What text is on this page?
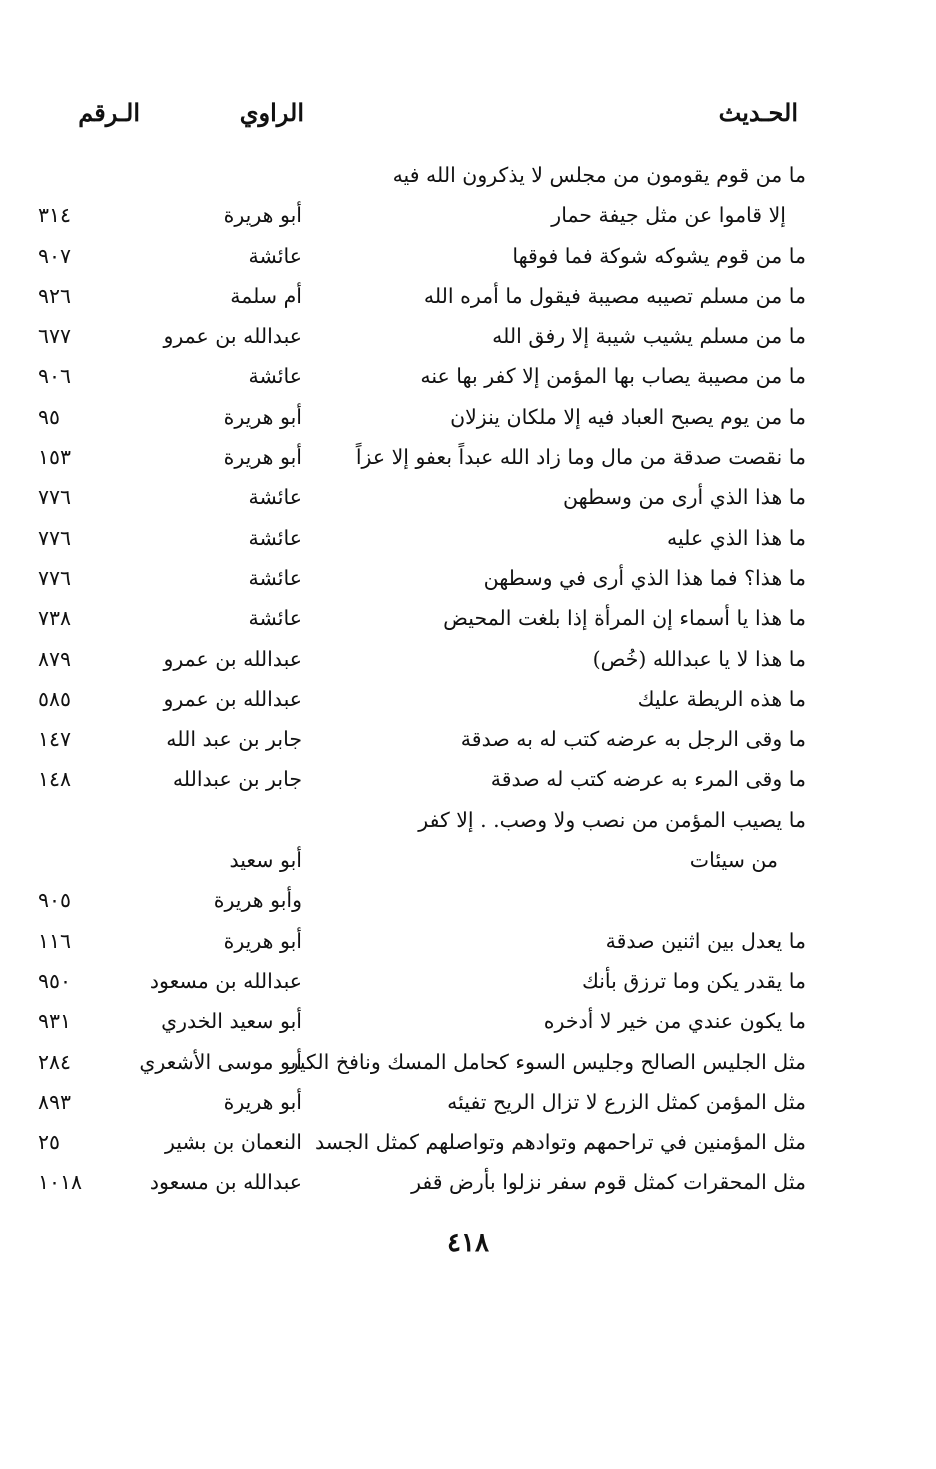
الحـديث
الراوي
الـرقم
ما من قوم يقومون من مجلس لا يذكرون الله فيه
إلا قاموا عن مثل جيفة حمار
أبو هريرة
٣١٤
ما من قوم يشوكه شوكة فما فوقها
عائشة
٩٠٧
ما من مسلم تصيبه مصيبة فيقول ما أمره الله
أم سلمة
٩٢٦
ما من مسلم يشيب شيبة إلا رفق الله
عبدالله بن عمرو
٦٧٧
ما من مصيبة يصاب بها المؤمن إلا كفر بها عنه
عائشة
٩٠٦
ما من يوم يصبح العباد فيه إلا ملكان ينزلان
أبو هريرة
٩٥
ما نقصت صدقة من مال وما زاد الله عبداً بعفو إلا عزاً
أبو هريرة
١٥٣
ما هذا الذي أرى من وسطهن
عائشة
٧٧٦
ما هذا الذي عليه
عائشة
٧٧٦
ما هذا؟ فما هذا الذي أرى في وسطهن
عائشة
٧٧٦
ما هذا يا أسماء إن المرأة إذا بلغت المحيض
عائشة
٧٣٨
ما هذا لا يا عبدالله (خُص)
عبدالله بن عمرو
٨٧٩
ما هذه الريطة عليك
عبدالله بن عمرو
٥٨٥
ما وقى الرجل به عرضه كتب له به صدقة
جابر بن عبد الله
١٤٧
ما وقى المرء به عرضه كتب له صدقة
جابر بن عبدالله
١٤٨
ما يصيب المؤمن من نصب ولا وصب. . إلا كفر
من سيئات
أبو سعيد
وأبو هريرة
٩٠٥
ما يعدل بين اثنين صدقة
أبو هريرة
١١٦
ما يقدر يكن وما ترزق بأنك
عبدالله بن مسعود
٩٥٠
ما يكون عندي من خير لا أدخره
أبو سعيد الخدري
٩٣١
مثل الجليس الصالح وجليس السوء كحامل المسك ونافخ الكير
أبو موسى الأشعري
٢٨٤
مثل المؤمن كمثل الزرع لا تزال الريح تفيئه
أبو هريرة
٨٩٣
مثل المؤمنين في تراحمهم وتوادهم وتواصلهم كمثل الجسد
النعمان بن بشير
٢٥
مثل المحقرات كمثل قوم سفر نزلوا بأرض قفر
عبدالله بن مسعود
١٠١٨
٤١٨
